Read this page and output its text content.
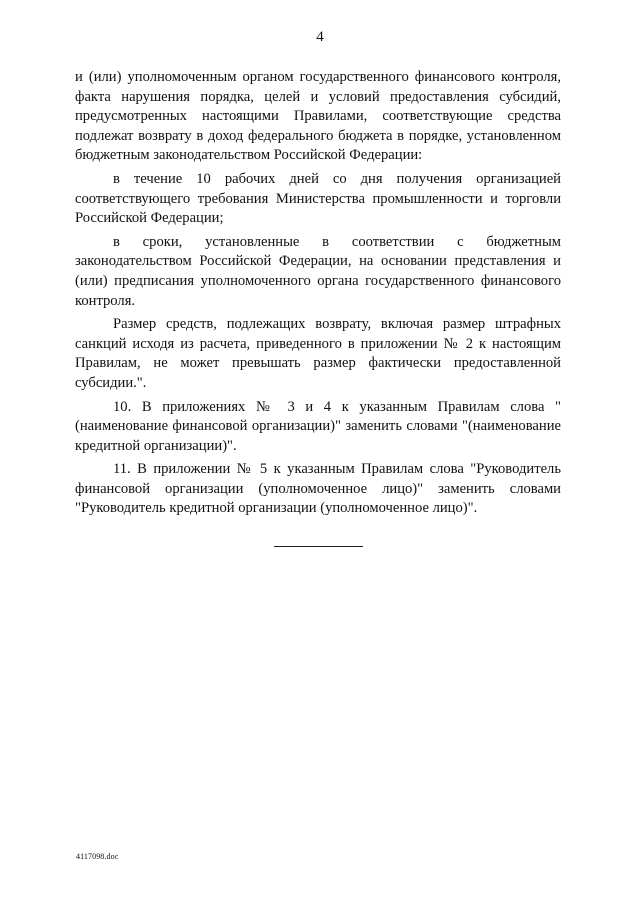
4

и (или) уполномоченным органом государственного финансового контроля, факта нарушения порядка, целей и условий предоставления субсидий, предусмотренных настоящими Правилами, соответствующие средства подлежат возврату в доход федерального бюджета в порядке, установленном бюджетным законодательством Российской Федерации:

в течение 10 рабочих дней со дня получения организацией соответствующего требования Министерства промышленности и торговли Российской Федерации;

в сроки, установленные в соответствии с бюджетным законодательством Российской Федерации, на основании представления и (или) предписания уполномоченного органа государственного финансового контроля.

Размер средств, подлежащих возврату, включая размер штрафных санкций исходя из расчета, приведенного в приложении № 2 к настоящим Правилам, не может превышать размер фактически предоставленной субсидии.".

10. В приложениях № 3 и 4 к указанным Правилам слова "(наименование финансовой организации)" заменить словами "(наименование кредитной организации)".

11. В приложении № 5 к указанным Правилам слова "Руководитель финансовой организации (уполномоченное лицо)" заменить словами "Руководитель кредитной организации (уполномоченное лицо)".

4117098.doc
